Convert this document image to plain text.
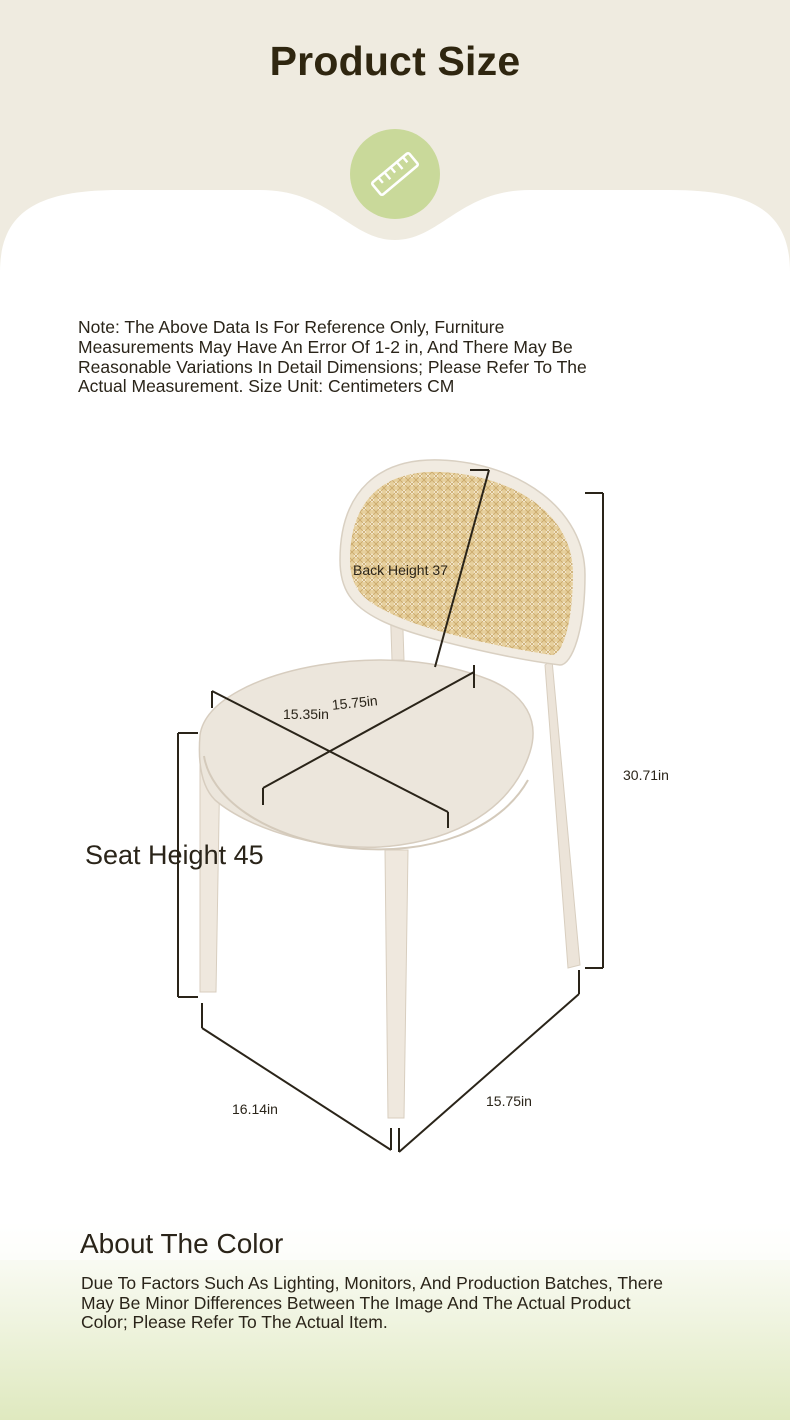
Product Size
Note: The Above Data Is For Reference Only, Furniture Measurements May Have An Error Of 1-2 in, And There May Be Reasonable Variations In Detail Dimensions; Please Refer To The Actual Measurement. Size Unit: Centimeters CM
Back Height 37
15.35in
15.75in
30.71in
Seat Height 45
16.14in	15.75in
About The Color
Due To Factors Such As Lighting, Monitors, And Production Batches, There May Be Minor Differences Between The Image And The Actual Product Color; Please Refer To The Actual Item.
